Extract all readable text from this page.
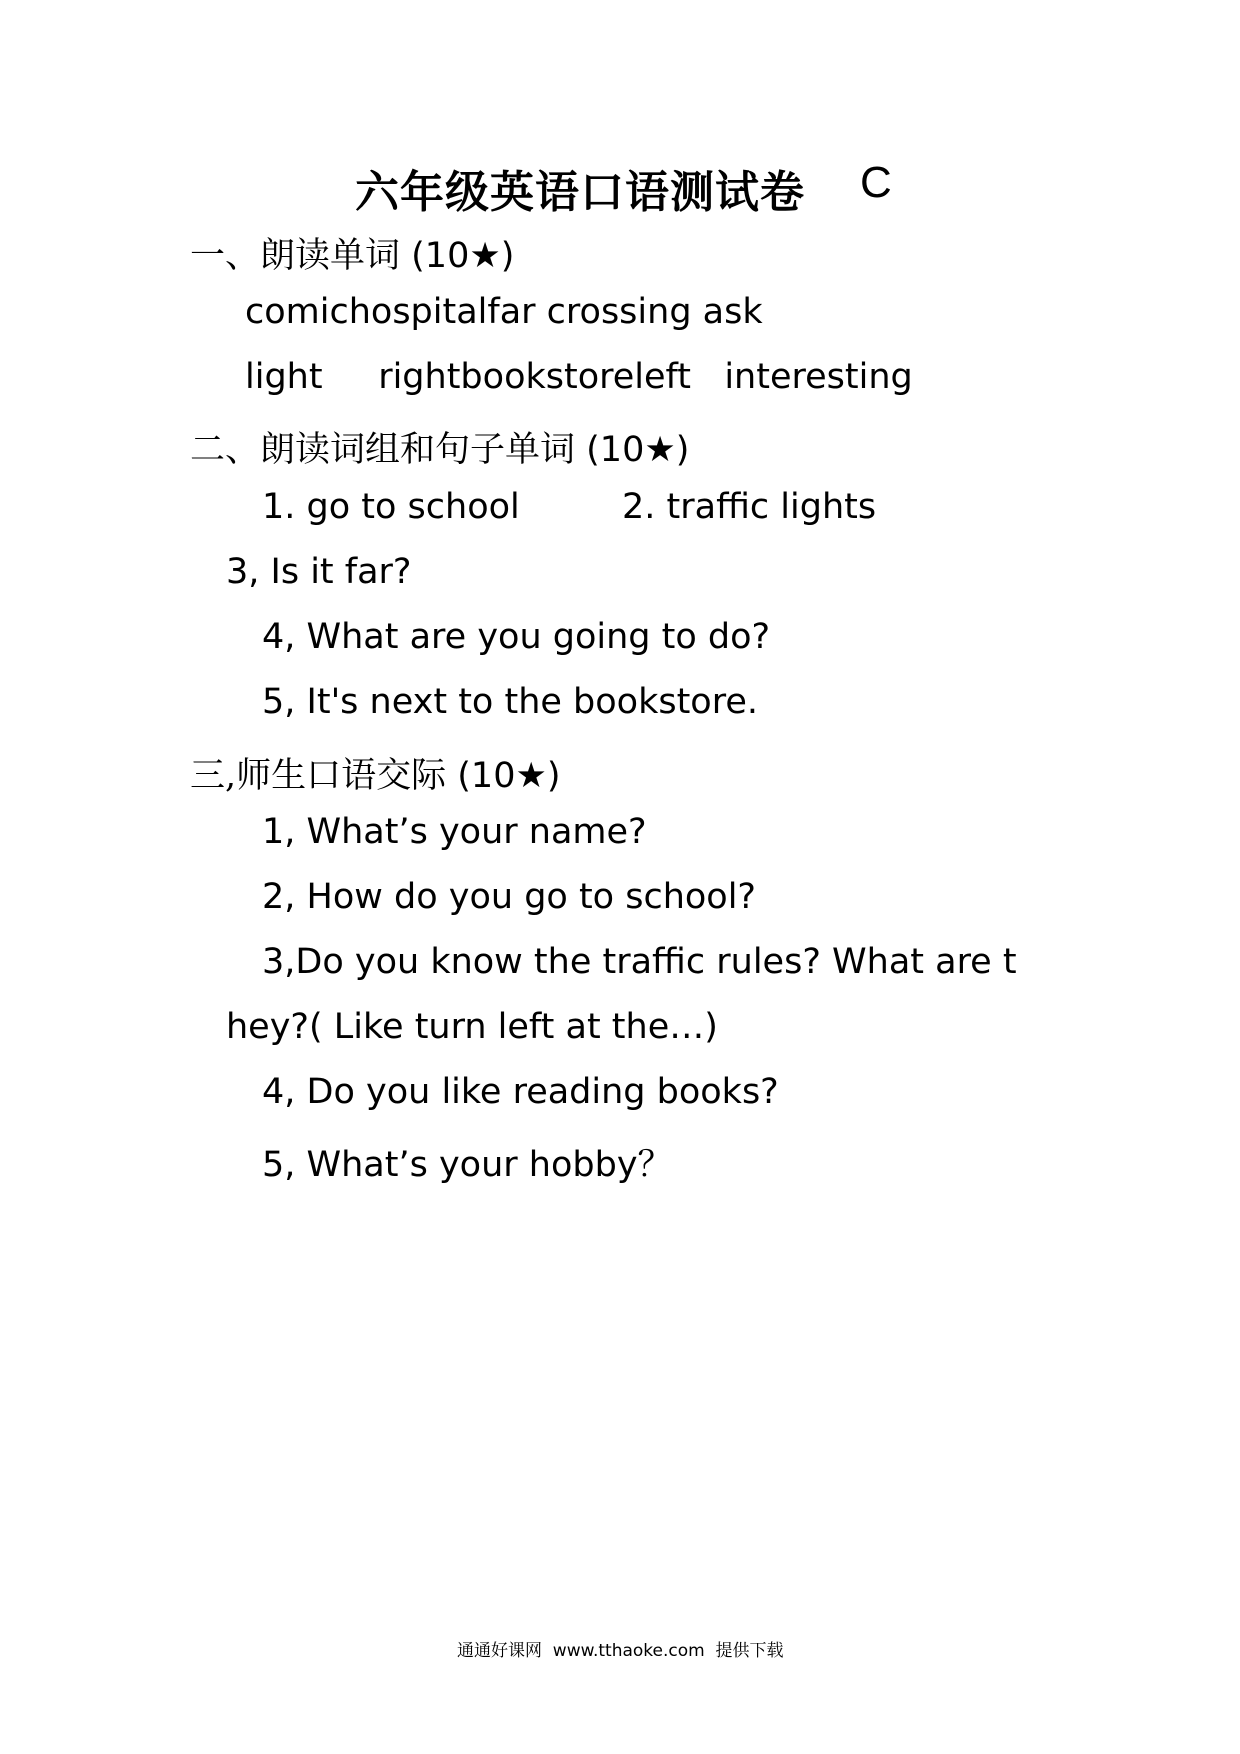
六年级英语口语测试卷 C
一、朗读单词 (10★)
comichospitalfar crossing ask
light     rightbookstoreleft   interesting
二、朗读词组和句子单词 (10★)
1. go to school	2. traffic lights
3, Is it far?
4, What are you going to do?
5, It's next to the bookstore.
三,师生口语交际 (10★)
1, What’s your name?
2, How do you go to school?
3,Do you know the traffic rules? What are t
hey?( Like turn left at the…)
4, Do you like reading books?
5, What’s your hobby？
通通好课网  www.tthaoke.com  提供下载
